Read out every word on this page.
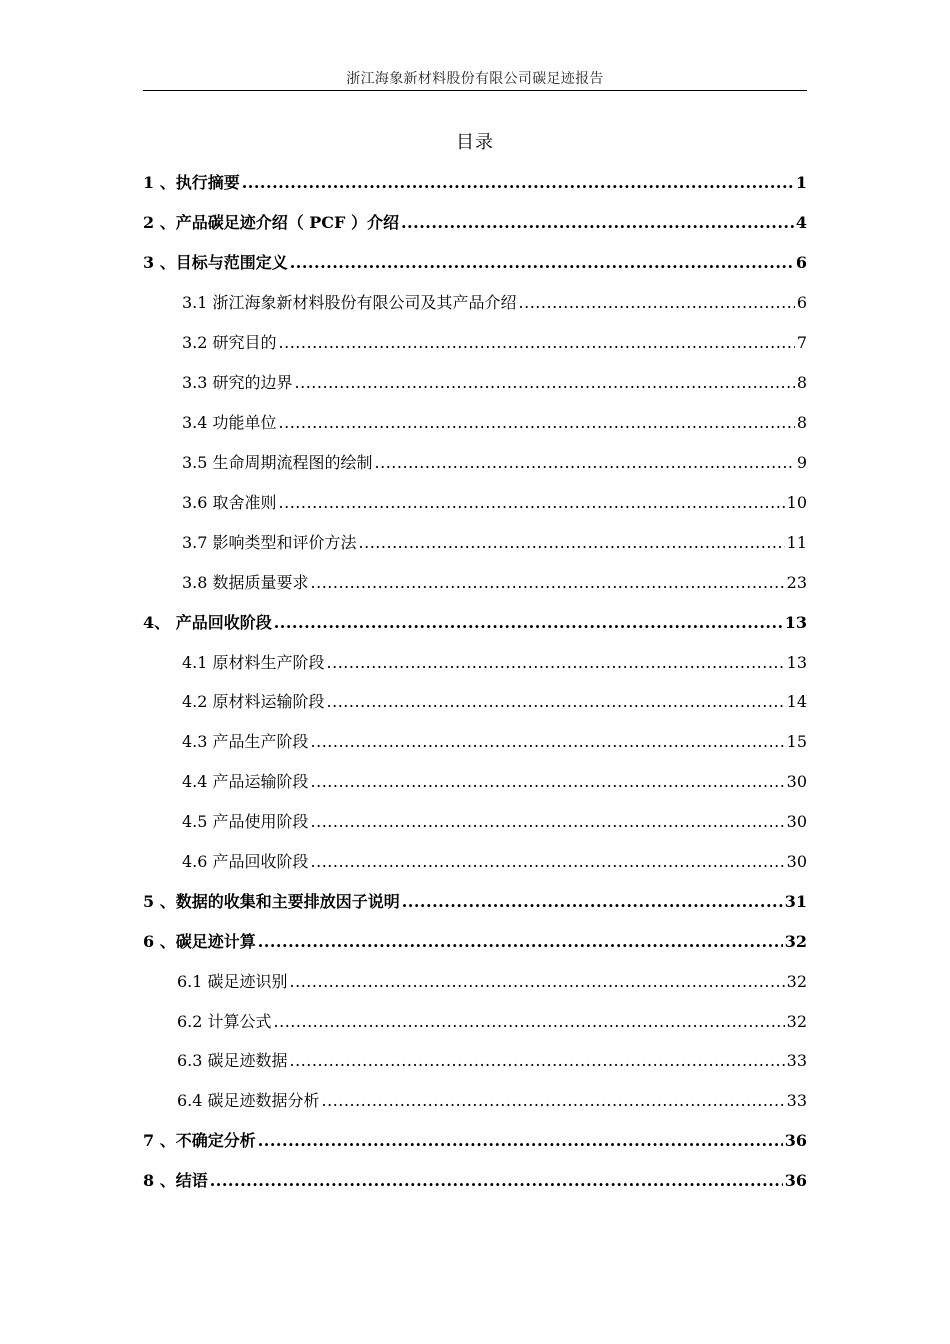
浙江海象新材料股份有限公司碳足迹报告
目录
1 、执行摘要 .....	1
2 、产品碳足迹介绍（ PCF ）介绍 .....	4
3 、目标与范围定义 .....	6
3.1 浙江海象新材料股份有限公司及其产品介绍 .....	6
3.2 研究目的 .....	7
3.3 研究的边界 .....	8
3.4 功能单位 .....	8
3.5 生命周期流程图的绘制 .....	9
3.6 取舍准则 .....	10
3.7 影响类型和评价方法 .....	11
3.8 数据质量要求 .....	23
4、 产品回收阶段 .....	13
4.1 原材料生产阶段 .....	13
4.2 原材料运输阶段 .....	14
4.3 产品生产阶段 .....	15
4.4 产品运输阶段 .....	30
4.5 产品使用阶段 .....	30
4.6 产品回收阶段 .....	30
5 、数据的收集和主要排放因子说明 .....	31
6 、碳足迹计算 .....	32
6.1 碳足迹识别 .....	32
6.2 计算公式 .....	32
6.3 碳足迹数据 .....	33
6.4 碳足迹数据分析 .....	33
7 、不确定分析 .....	36
8 、结语 .....	36
